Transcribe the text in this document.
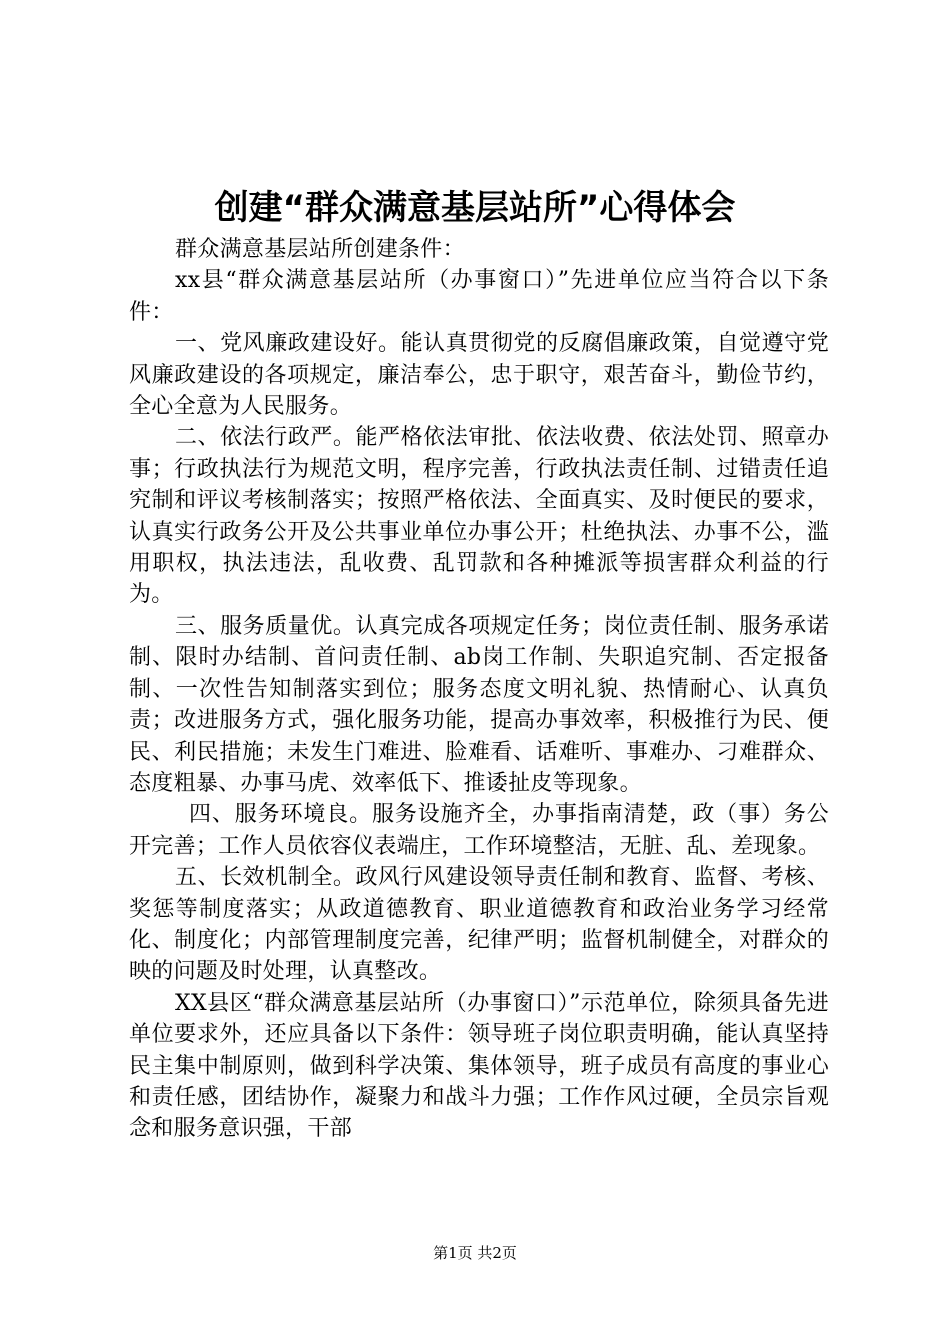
创建“群众满意基层站所”心得体会

群众满意基层站所创建条件：

xx县“群众满意基层站所（办事窗口）”先进单位应当符合以下条件：

一、党风廉政建设好。能认真贯彻党的反腐倡廉政策，自觉遵守党风廉政建设的各项规定，廉洁奉公，忠于职守，艰苦奋斗，勤俭节约，全心全意为人民服务。

二、依法行政严。能严格依法审批、依法收费、依法处罚、照章办事；行政执法行为规范文明，程序完善，行政执法责任制、过错责任追究制和评议考核制落实；按照严格依法、全面真实、及时便民的要求，认真实行政务公开及公共事业单位办事公开；杜绝执法、办事不公，滥用职权，执法违法，乱收费、乱罚款和各种摊派等损害群众利益的行为。

三、服务质量优。认真完成各项规定任务；岗位责任制、服务承诺制、限时办结制、首问责任制、ab岗工作制、失职追究制、否定报备制、一次性告知制落实到位；服务态度文明礼貌、热情耐心、认真负责；改进服务方式，强化服务功能，提高办事效率，积极推行为民、便民、利民措施；未发生门难进、脸难看、话难听、事难办、刁难群众、态度粗暴、办事马虎、效率低下、推诿扯皮等现象。

四、服务环境良。服务设施齐全，办事指南清楚，政（事）务公开完善；工作人员依容仪表端庄，工作环境整洁，无脏、乱、差现象。

五、长效机制全。政风行风建设领导责任制和教育、监督、考核、奖惩等制度落实；从政道德教育、职业道德教育和政治业务学习经常化、制度化；内部管理制度完善，纪律严明；监督机制健全，对群众的映的问题及时处理，认真整改。

XX县区“群众满意基层站所（办事窗口）”示范单位，除须具备先进单位要求外，还应具备以下条件：领导班子岗位职责明确，能认真坚持民主集中制原则，做到科学决策、集体领导，班子成员有高度的事业心和责任感，团结协作，凝聚力和战斗力强；工作作风过硬，全员宗旨观念和服务意识强，干部

第1页 共2页
